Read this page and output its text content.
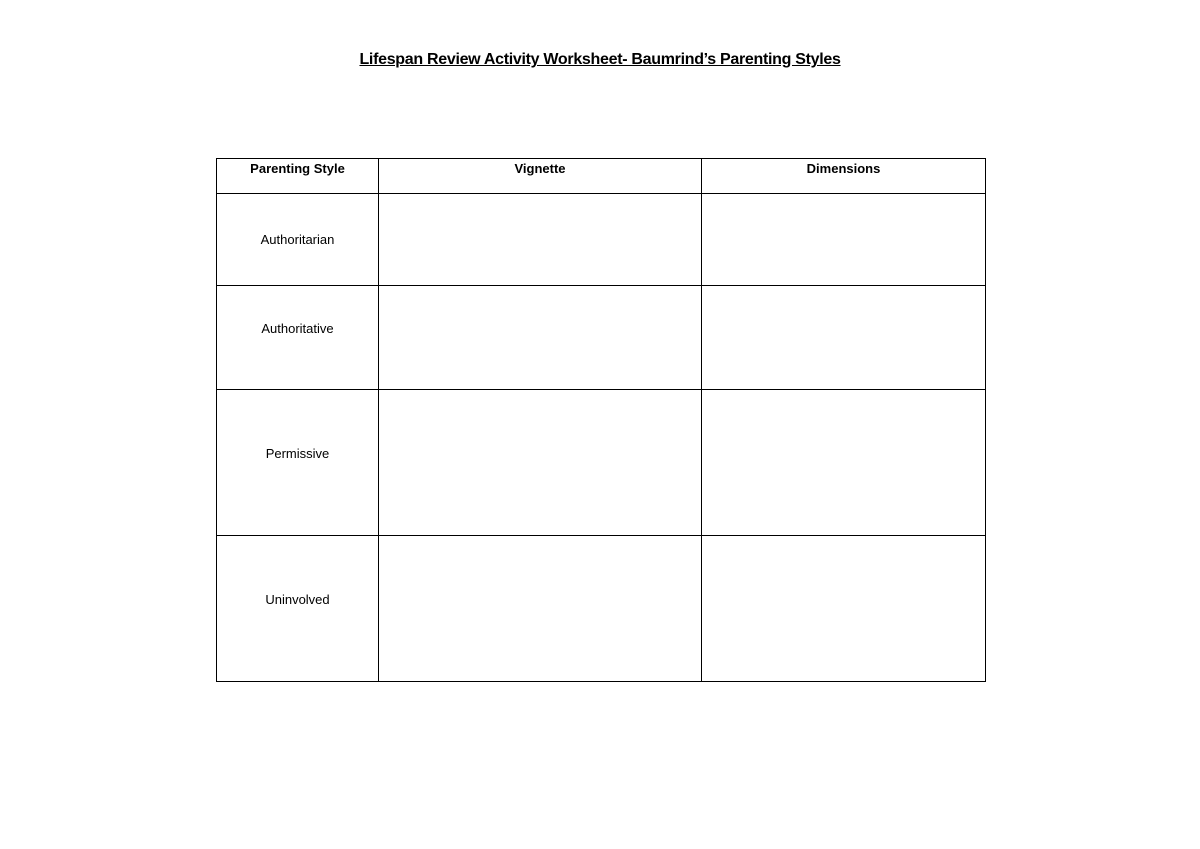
Lifespan Review Activity Worksheet- Baumrind’s Parenting Styles
Parenting Style	Vignette	Dimensions
Authoritarian		
Authoritative		
Permissive		
Uninvolved		
